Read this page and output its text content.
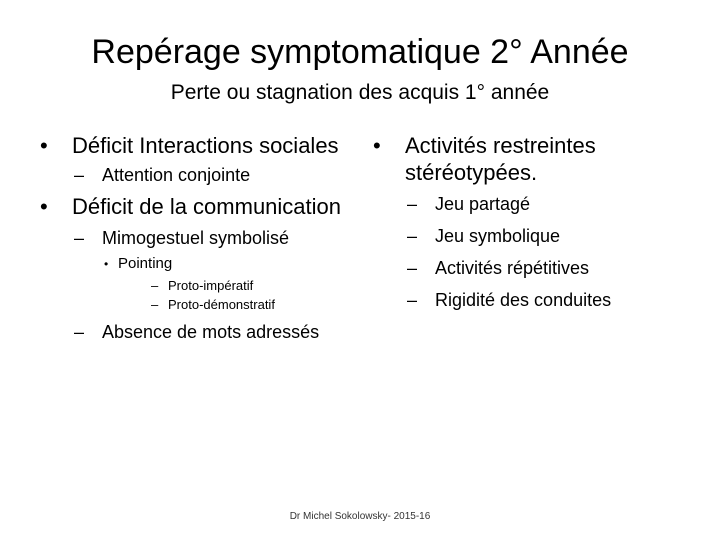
Repérage symptomatique 2° Année
Perte ou stagnation des acquis 1° année
• Déficit Interactions sociales
– Attention conjointe
• Déficit de la communication
– Mimogestuel symbolisé
• Pointing
– Proto-impératif
– Proto-démonstratif
– Absence de mots adressés
• Activités restreintes stéréotypées.
– Jeu partagé
– Jeu symbolique
– Activités répétitives
– Rigidité des conduites
Dr Michel Sokolowsky- 2015-16
